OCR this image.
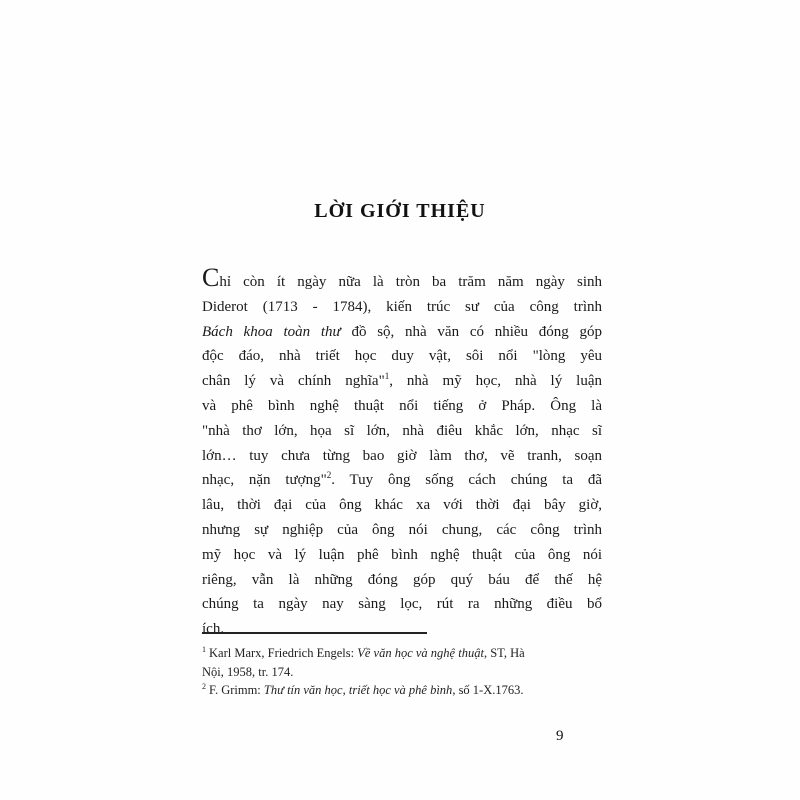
LỜI GIỚI THIỆU
Chỉ còn ít ngày nữa là tròn ba trăm năm ngày sinh
Diderot (1713 - 1784), kiến trúc sư của công trình
Bách khoa toàn thư đồ sộ, nhà văn có nhiều đóng góp
độc đáo, nhà triết học duy vật, sôi nổi "lòng yêu
chân lý và chính nghĩa"$^1$, nhà mỹ học, nhà lý luận
và phê bình nghệ thuật nổi tiếng ở Pháp. Ông là
"nhà thơ lớn, họa sĩ lớn, nhà điêu khắc lớn, nhạc sĩ
lớn… tuy chưa từng bao giờ làm thơ, vẽ tranh, soạn
nhạc, nặn tượng"$^2$. Tuy ông sống cách chúng ta đã
lâu, thời đại của ông khác xa với thời đại bây giờ,
nhưng sự nghiệp của ông nói chung, các công trình
mỹ học và lý luận phê bình nghệ thuật của ông nói
riêng, vẫn là những đóng góp quý báu để thế hệ
chúng ta ngày nay sàng lọc, rút ra những điều bổ
ích.
$^1$ Karl Marx, Friedrich Engels: Về văn học và nghệ thuật, ST, Hà
Nội, 1958, tr. 174.
$^2$ F. Grimm: Thư tín văn học, triết học và phê bình, số 1-X.1763.
9
